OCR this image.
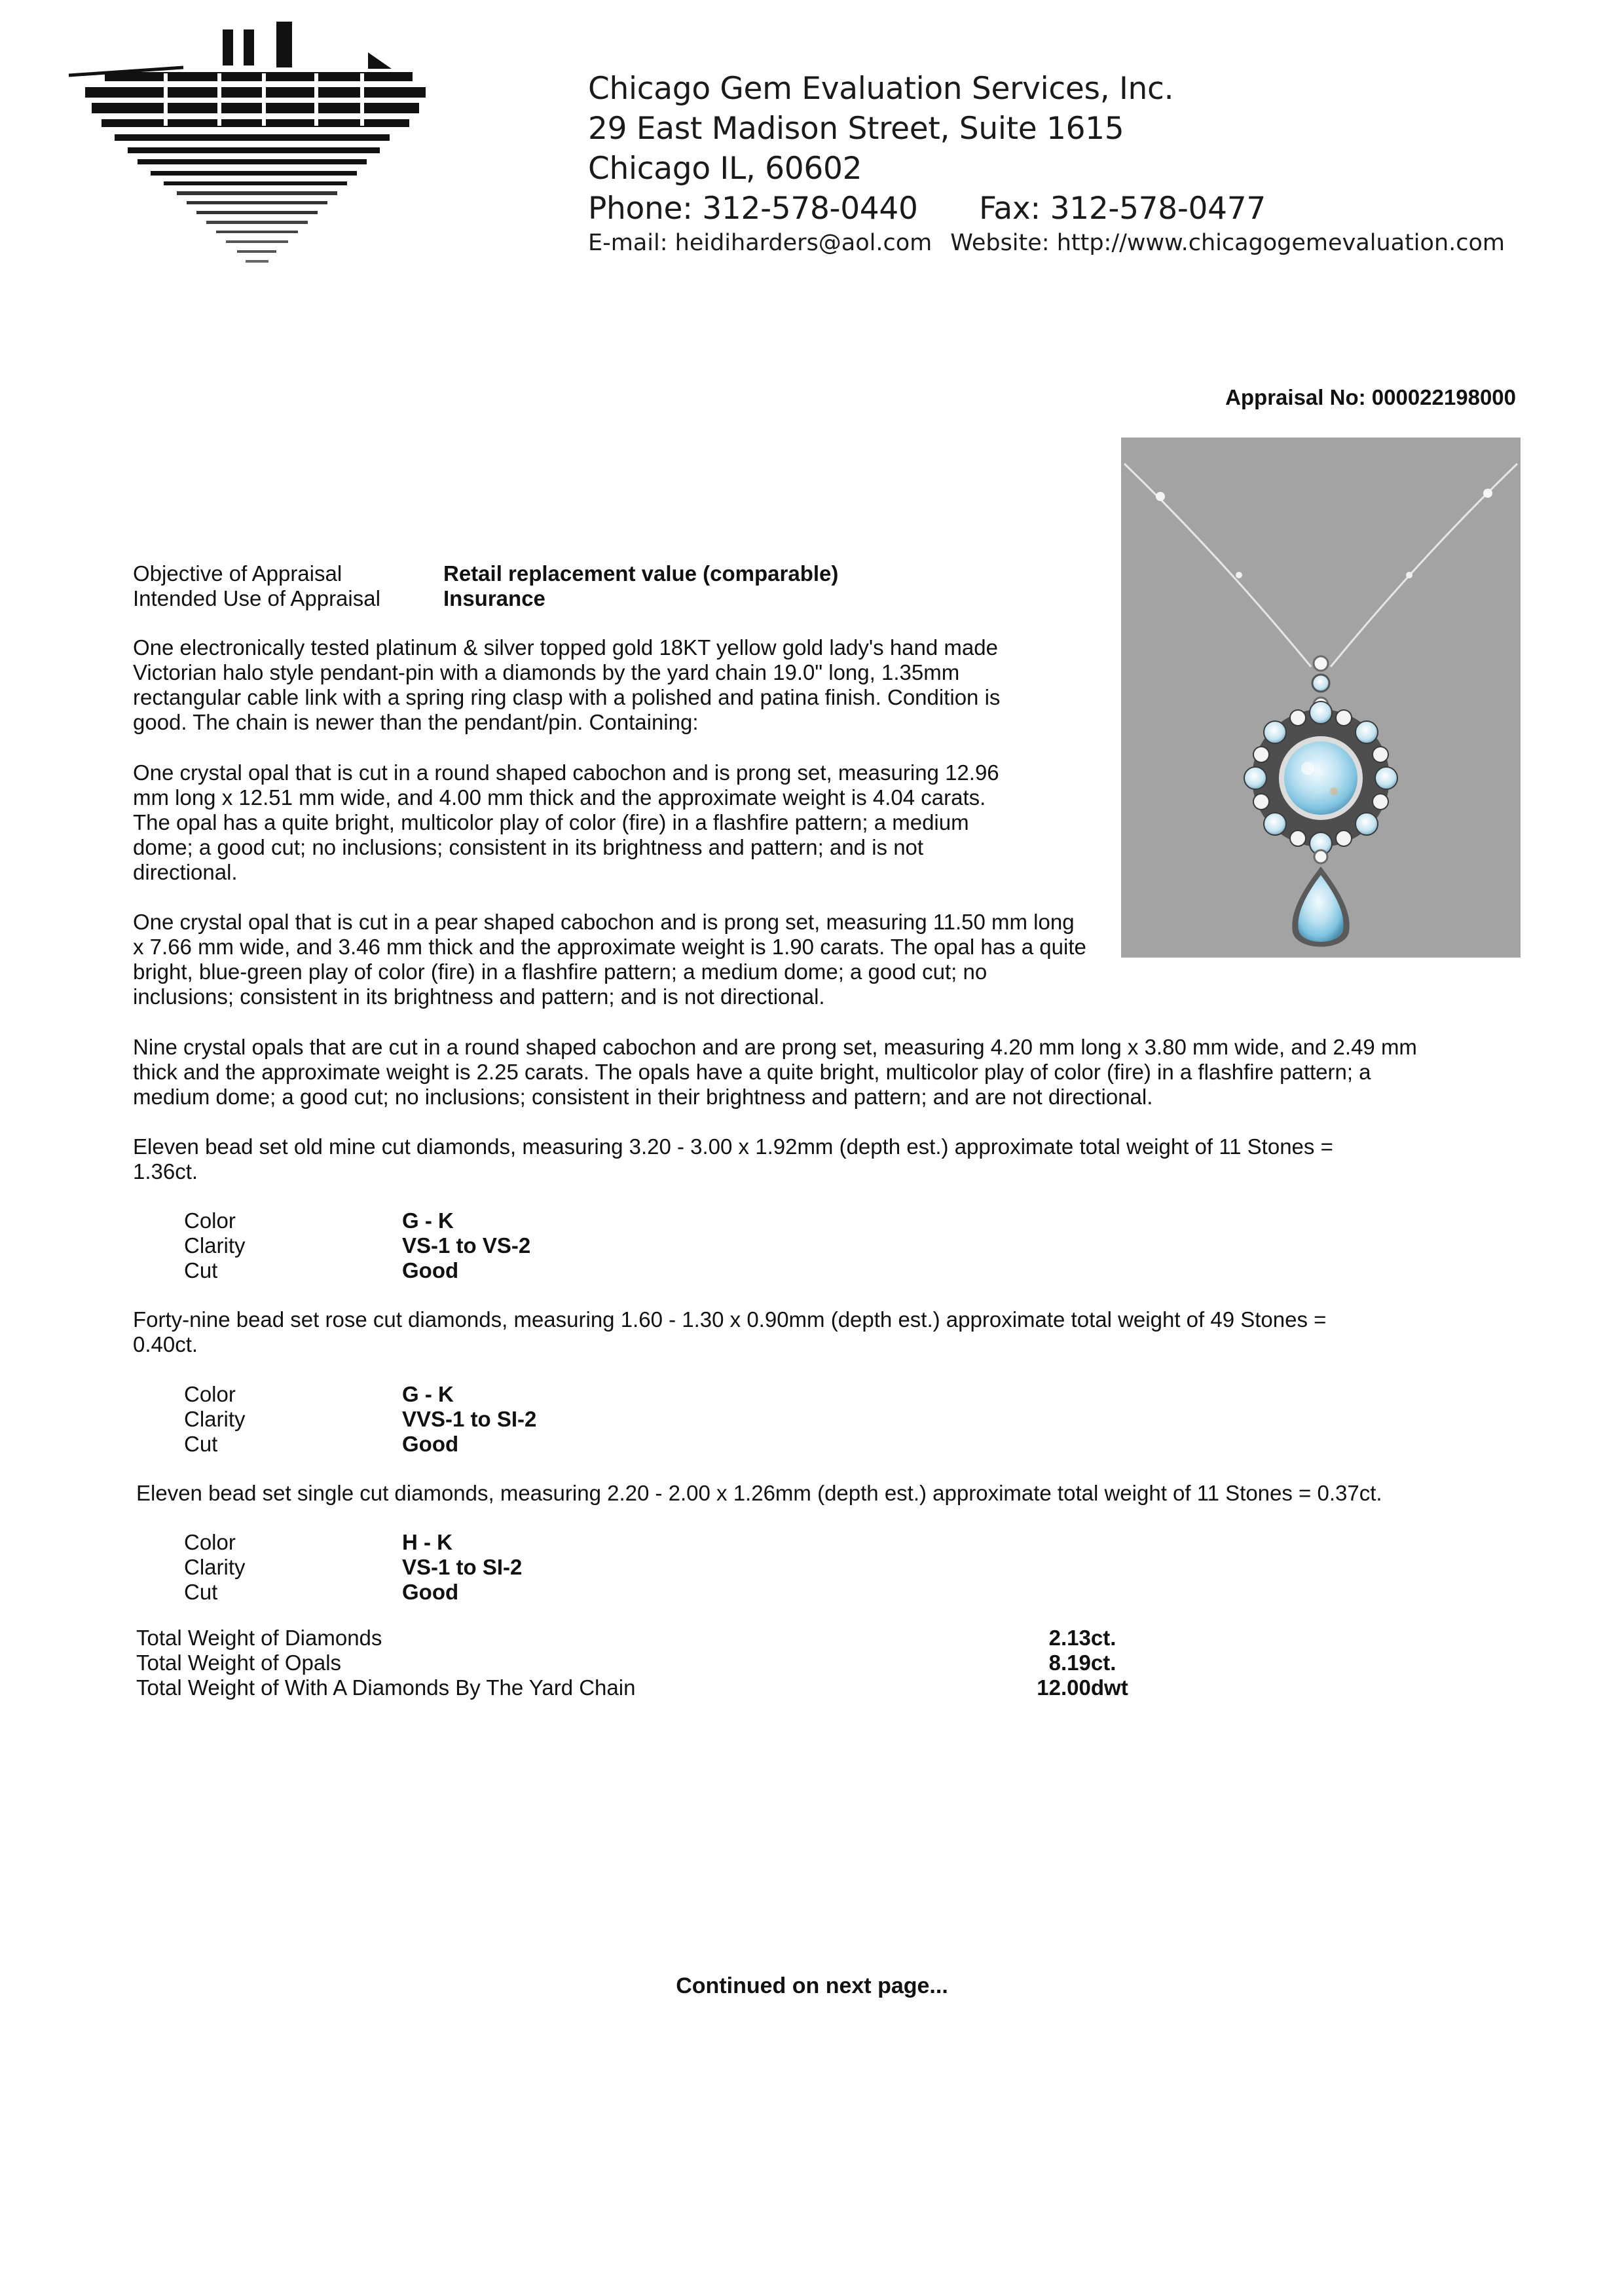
Chicago Gem Evaluation Services, Inc.
29 East Madison Street, Suite 1615
Chicago IL, 60602
Phone: 312-578-0440	Fax: 312-578-0477
E-mail: heidiharders@aol.com Website: http://www.chicagogemevaluation.com
Appraisal No: 000022198000
Objective of Appraisal	Retail replacement value (comparable)
Intended Use of Appraisal	Insurance
One electronically tested platinum & silver topped gold 18KT yellow gold lady's hand made Victorian halo style pendant-pin with a diamonds by the yard chain 19.0" long, 1.35mm rectangular cable link with a spring ring clasp with a polished and patina finish. Condition is good. The chain is newer than the pendant/pin. Containing:
One crystal opal that is cut in a round shaped cabochon and is prong set, measuring 12.96 mm long x 12.51 mm wide, and 4.00 mm thick and the approximate weight is 4.04 carats. The opal has a quite bright, multicolor play of color (fire) in a flashfire pattern; a medium dome; a good cut; no inclusions; consistent in its brightness and pattern; and is not directional.
One crystal opal that is cut in a pear shaped cabochon and is prong set, measuring 11.50 mm long x 7.66 mm wide, and 3.46 mm thick and the approximate weight is 1.90 carats. The opal has a quite bright, blue-green play of color (fire) in a flashfire pattern; a medium dome; a good cut; no inclusions; consistent in its brightness and pattern; and is not directional.
Nine crystal opals that are cut in a round shaped cabochon and are prong set, measuring 4.20 mm long x 3.80 mm wide, and 2.49 mm thick and the approximate weight is 2.25 carats. The opals have a quite bright, multicolor play of color (fire) in a flashfire pattern; a medium dome; a good cut; no inclusions; consistent in their brightness and pattern; and are not directional.
Eleven bead set old mine cut diamonds, measuring 3.20 - 3.00 x 1.92mm (depth est.) approximate total weight of 11 Stones = 1.36ct.
Color	G - K
Clarity	VS-1 to VS-2
Cut	Good
Forty-nine bead set rose cut diamonds, measuring 1.60 - 1.30 x 0.90mm (depth est.) approximate total weight of 49 Stones = 0.40ct.
Color	G - K
Clarity	VVS-1 to SI-2
Cut	Good
Eleven bead set single cut diamonds, measuring 2.20 - 2.00 x 1.26mm (depth est.) approximate total weight of 11 Stones = 0.37ct.
Color	H - K
Clarity	VS-1 to SI-2
Cut	Good
Total Weight of Diamonds	2.13ct.
Total Weight of Opals	8.19ct.
Total Weight of With A Diamonds By The Yard Chain	12.00dwt
Continued on next page...
